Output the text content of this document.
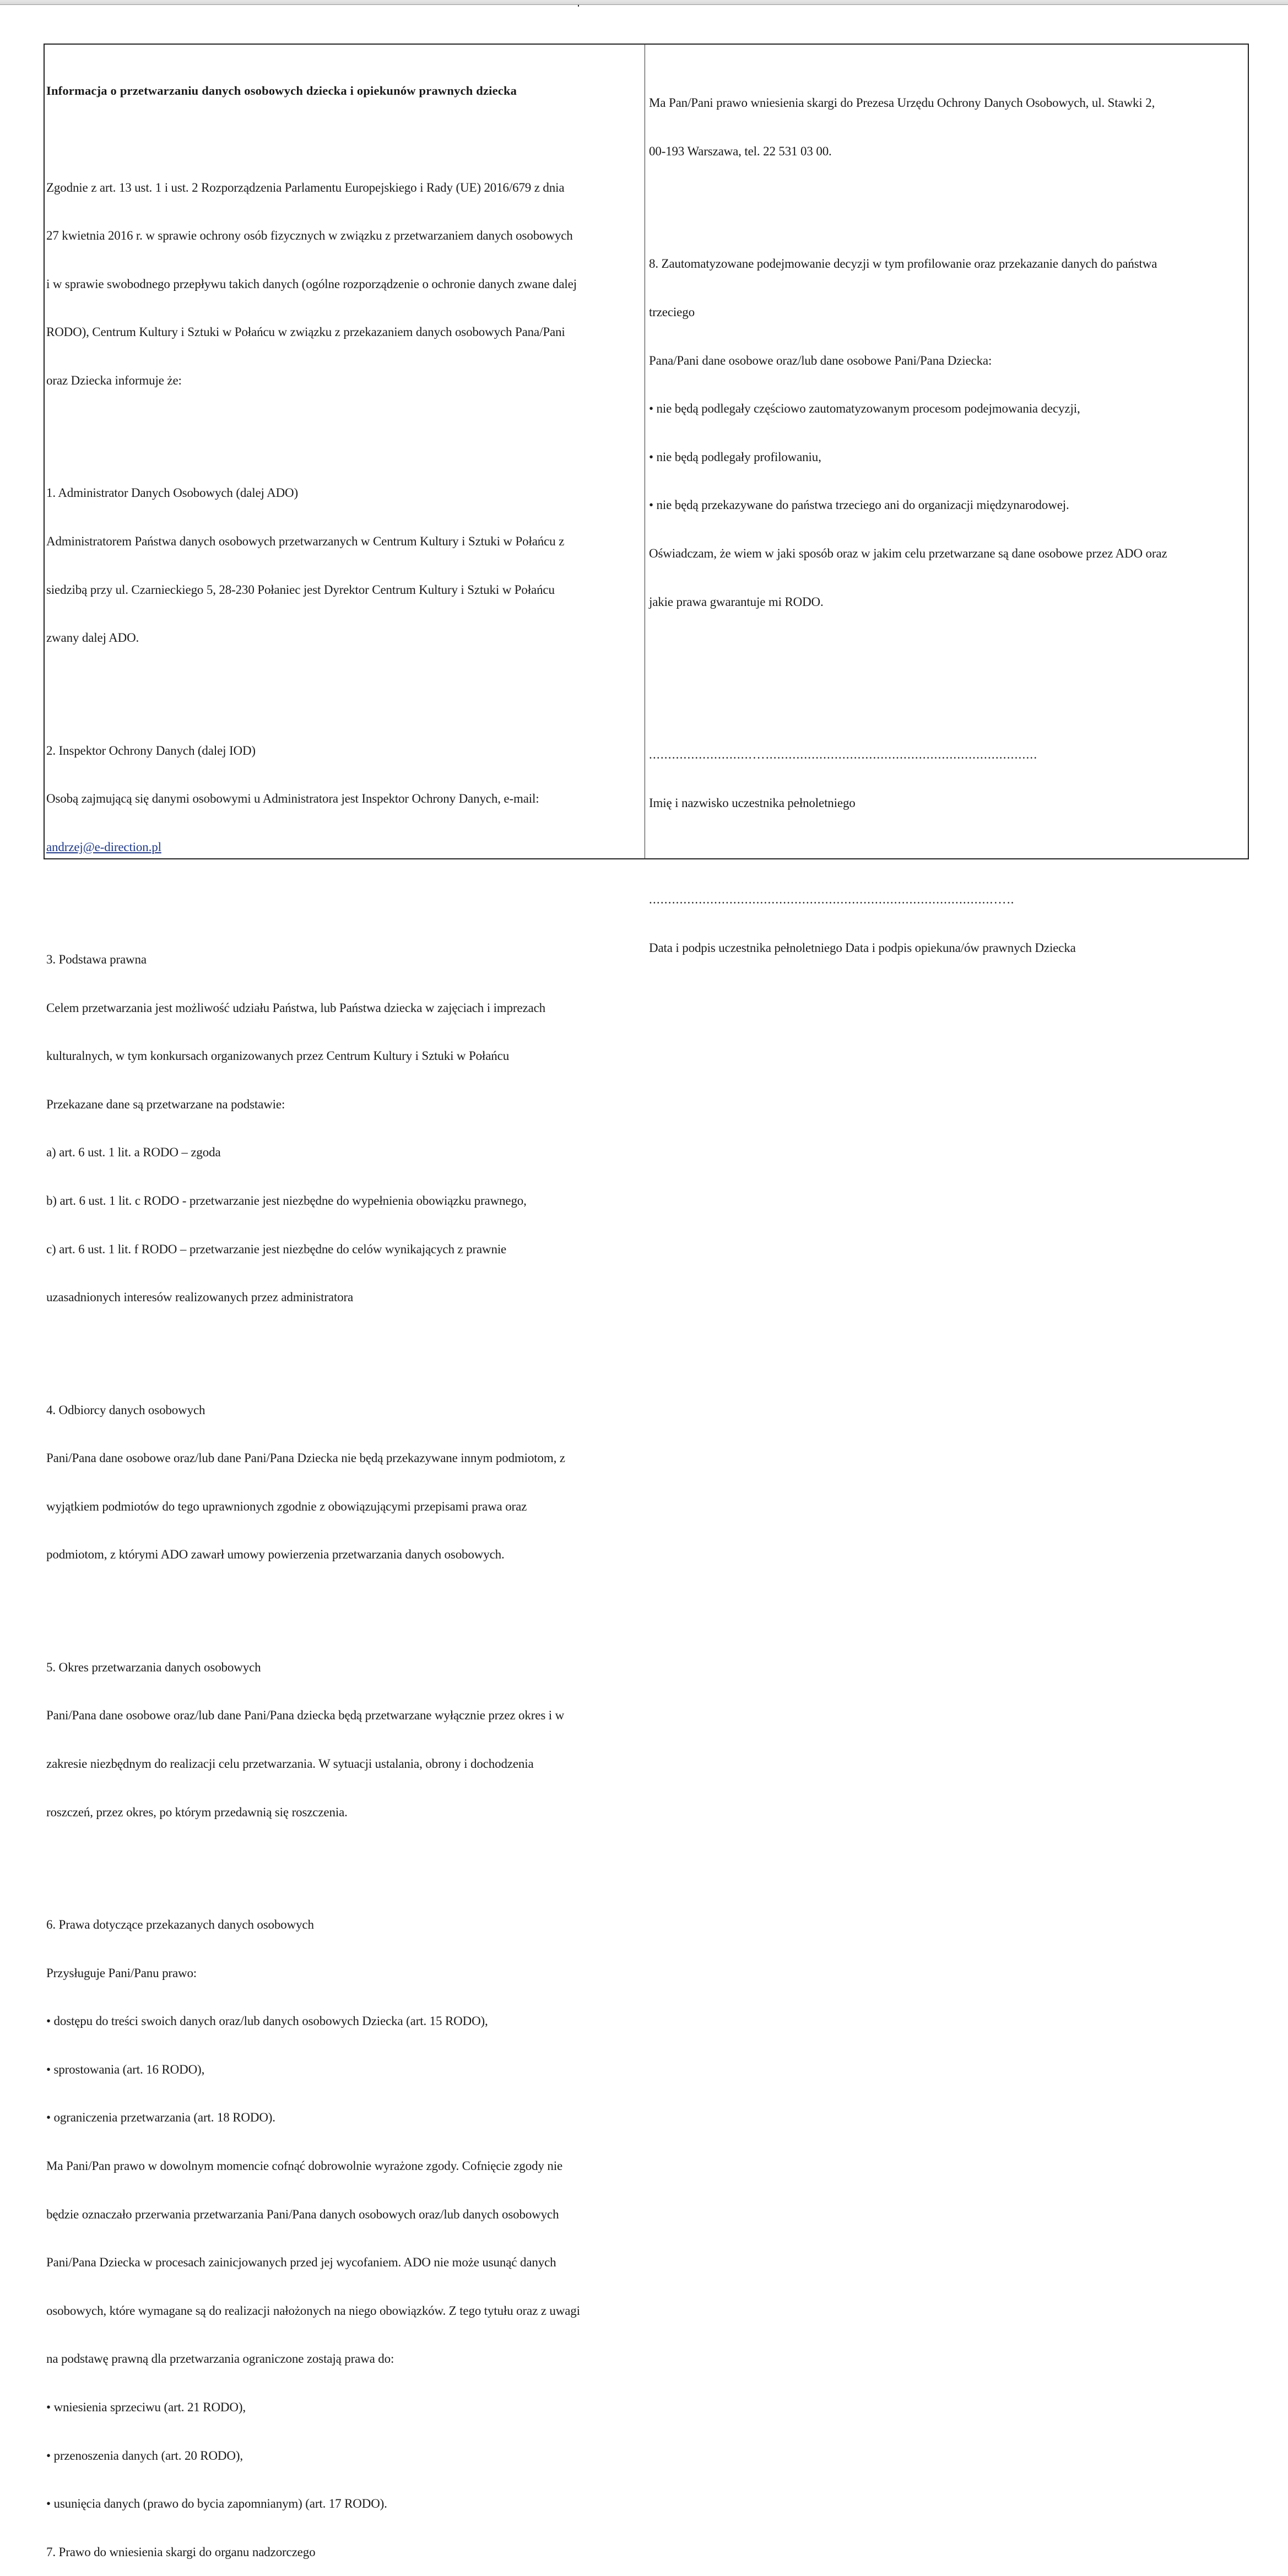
Informacja o przetwarzaniu danych osobowych dziecka i opiekunów prawnych dziecka

Zgodnie z art. 13 ust. 1 i ust. 2 Rozporządzenia Parlamentu Europejskiego i Rady (UE) 2016/679 z dnia

27 kwietnia 2016 r. w sprawie ochrony osób fizycznych w związku z przetwarzaniem danych osobowych

i w sprawie swobodnego przepływu takich danych (ogólne rozporządzenie o ochronie danych zwane dalej

RODO), Centrum Kultury i Sztuki w Połańcu w związku z przekazaniem danych osobowych Pana/Pani

oraz Dziecka informuje że:

1. Administrator Danych Osobowych (dalej ADO)

Administratorem Państwa danych osobowych przetwarzanych w Centrum Kultury i Sztuki w Połańcu z

siedzibą przy ul. Czarnieckiego 5, 28-230 Połaniec jest Dyrektor Centrum Kultury i Sztuki w Połańcu

zwany dalej ADO.

2. Inspektor Ochrony Danych (dalej IOD)

Osobą zajmującą się danymi osobowymi u Administratora jest Inspektor Ochrony Danych, e-mail:

andrzej@e-direction.pl

3. Podstawa prawna

Celem przetwarzania jest możliwość udziału Państwa, lub Państwa dziecka w zajęciach i imprezach

kulturalnych, w tym konkursach organizowanych przez Centrum Kultury i Sztuki w Połańcu

Przekazane dane są przetwarzane na podstawie:

a) art. 6 ust. 1 lit. a RODO – zgoda

b) art. 6 ust. 1 lit. c RODO - przetwarzanie jest niezbędne do wypełnienia obowiązku prawnego,

c) art. 6 ust. 1 lit. f RODO – przetwarzanie jest niezbędne do celów wynikających z prawnie

uzasadnionych interesów realizowanych przez administratora

4. Odbiorcy danych osobowych

Pani/Pana dane osobowe oraz/lub dane Pani/Pana Dziecka nie będą przekazywane innym podmiotom, z

wyjątkiem podmiotów do tego uprawnionych zgodnie z obowiązującymi przepisami prawa oraz

podmiotom, z którymi ADO zawarł umowy powierzenia przetwarzania danych osobowych.

5. Okres przetwarzania danych osobowych

Pani/Pana dane osobowe oraz/lub dane Pani/Pana dziecka będą przetwarzane wyłącznie przez okres i w

zakresie niezbędnym do realizacji celu przetwarzania. W sytuacji ustalania, obrony i dochodzenia

roszczeń, przez okres, po którym przedawnią się roszczenia.

6. Prawa dotyczące przekazanych danych osobowych

Przysługuje Pani/Panu prawo:

• dostępu do treści swoich danych oraz/lub danych osobowych Dziecka (art. 15 RODO),

• sprostowania (art. 16 RODO),

• ograniczenia przetwarzania (art. 18 RODO).

Ma Pani/Pan prawo w dowolnym momencie cofnąć dobrowolnie wyrażone zgody. Cofnięcie zgody nie

będzie oznaczało przerwania przetwarzania Pani/Pana danych osobowych oraz/lub danych osobowych

Pani/Pana Dziecka w procesach zainicjowanych przed jej wycofaniem. ADO nie może usunąć danych

osobowych, które wymagane są do realizacji nałożonych na niego obowiązków. Z tego tytułu oraz z uwagi

na podstawę prawną dla przetwarzania ograniczone zostają prawa do:

• wniesienia sprzeciwu (art. 21 RODO),

• przenoszenia danych (art. 20 RODO),

• usunięcia danych (prawo do bycia zapomnianym) (art. 17 RODO).

7. Prawo do wniesienia skargi do organu nadzorczego

Ma Pan/Pani prawo wniesienia skargi do Prezesa Urzędu Ochrony Danych Osobowych, ul. Stawki 2,

00-193 Warszawa, tel. 22 531 03 00.

8. Zautomatyzowane podejmowanie decyzji w tym profilowanie oraz przekazanie danych do państwa

trzeciego

Pana/Pani dane osobowe oraz/lub dane osobowe Pani/Pana Dziecka:

• nie będą podlegały częściowo zautomatyzowanym procesom podejmowania decyzji,

• nie będą podlegały profilowaniu,

• nie będą przekazywane do państwa trzeciego ani do organizacji międzynarodowej.

Oświadczam, że wiem w jaki sposób oraz w jakim celu przetwarzane są dane osobowe przez ADO oraz

jakie prawa gwarantuje mi RODO.

...........................….......................................................................

Imię i nazwisko uczestnika pełnoletniego

..........................................................................................…..

Data i podpis uczestnika pełnoletniego Data i podpis opiekuna/ów prawnych Dziecka
